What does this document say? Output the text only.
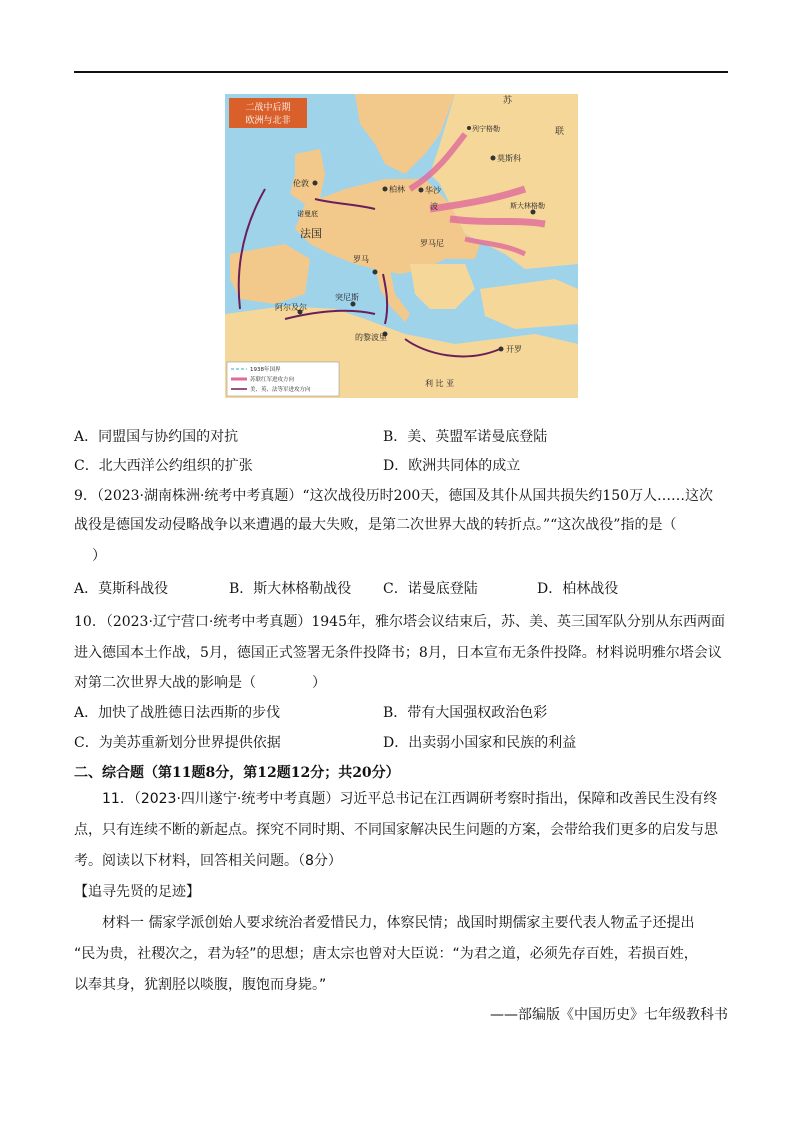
二战中后期
欧洲与北非
苏
联
列宁格勒
莫斯科
伦敦
柏林	华沙
波	斯大林格勒
诺曼底
法国
罗马尼
罗马
突尼斯
阿尔及尔
的黎波里
开罗
利 比 亚
1938年国界
苏联红军进攻方向
美、英、法等军进攻方向
A．同盟国与协约国的对抗	B．美、英盟军诺曼底登陆
C．北大西洋公约组织的扩张	D．欧洲共同体的成立
9．（2023·湖南株洲·统考中考真题）“这次战役历时200天，德国及其仆从国共损失约150万人……这次
战役是德国发动侵略战争以来遭遇的最大失败，是第二次世界大战的转折点。”“这次战役”指的是（
）
A．莫斯科战役	B．斯大林格勒战役 C．诺曼底登陆	D．柏林战役
10．（2023·辽宁营口·统考中考真题）1945年，雅尔塔会议结束后，苏、美、英三国军队分别从东西两面
进入德国本土作战，5月，德国正式签署无条件投降书；8月，日本宣布无条件投降。材料说明雅尔塔会议
对第二次世界大战的影响是（　　　　）
A．加快了战胜德日法西斯的步伐	B．带有大国强权政治色彩
C．为美苏重新划分世界提供依据	D．出卖弱小国家和民族的利益
二、综合题（第11题8分，第12题12分；共20分）
11．（2023·四川遂宁·统考中考真题）习近平总书记在江西调研考察时指出，保障和改善民生没有终
点，只有连续不断的新起点。探究不同时期、不同国家解决民生问题的方案，会带给我们更多的启发与思
考。阅读以下材料，回答相关问题。（8分）
【追寻先贤的足迹】
材料一 儒家学派创始人要求统治者爱惜民力，体察民情；战国时期儒家主要代表人物孟子还提出
“民为贵，社稷次之，君为轻”的思想；唐太宗也曾对大臣说：“为君之道，必须先存百姓，若损百姓，
以奉其身，犹割胫以啖腹，腹饱而身毙。”
——部编版《中国历史》七年级教科书
